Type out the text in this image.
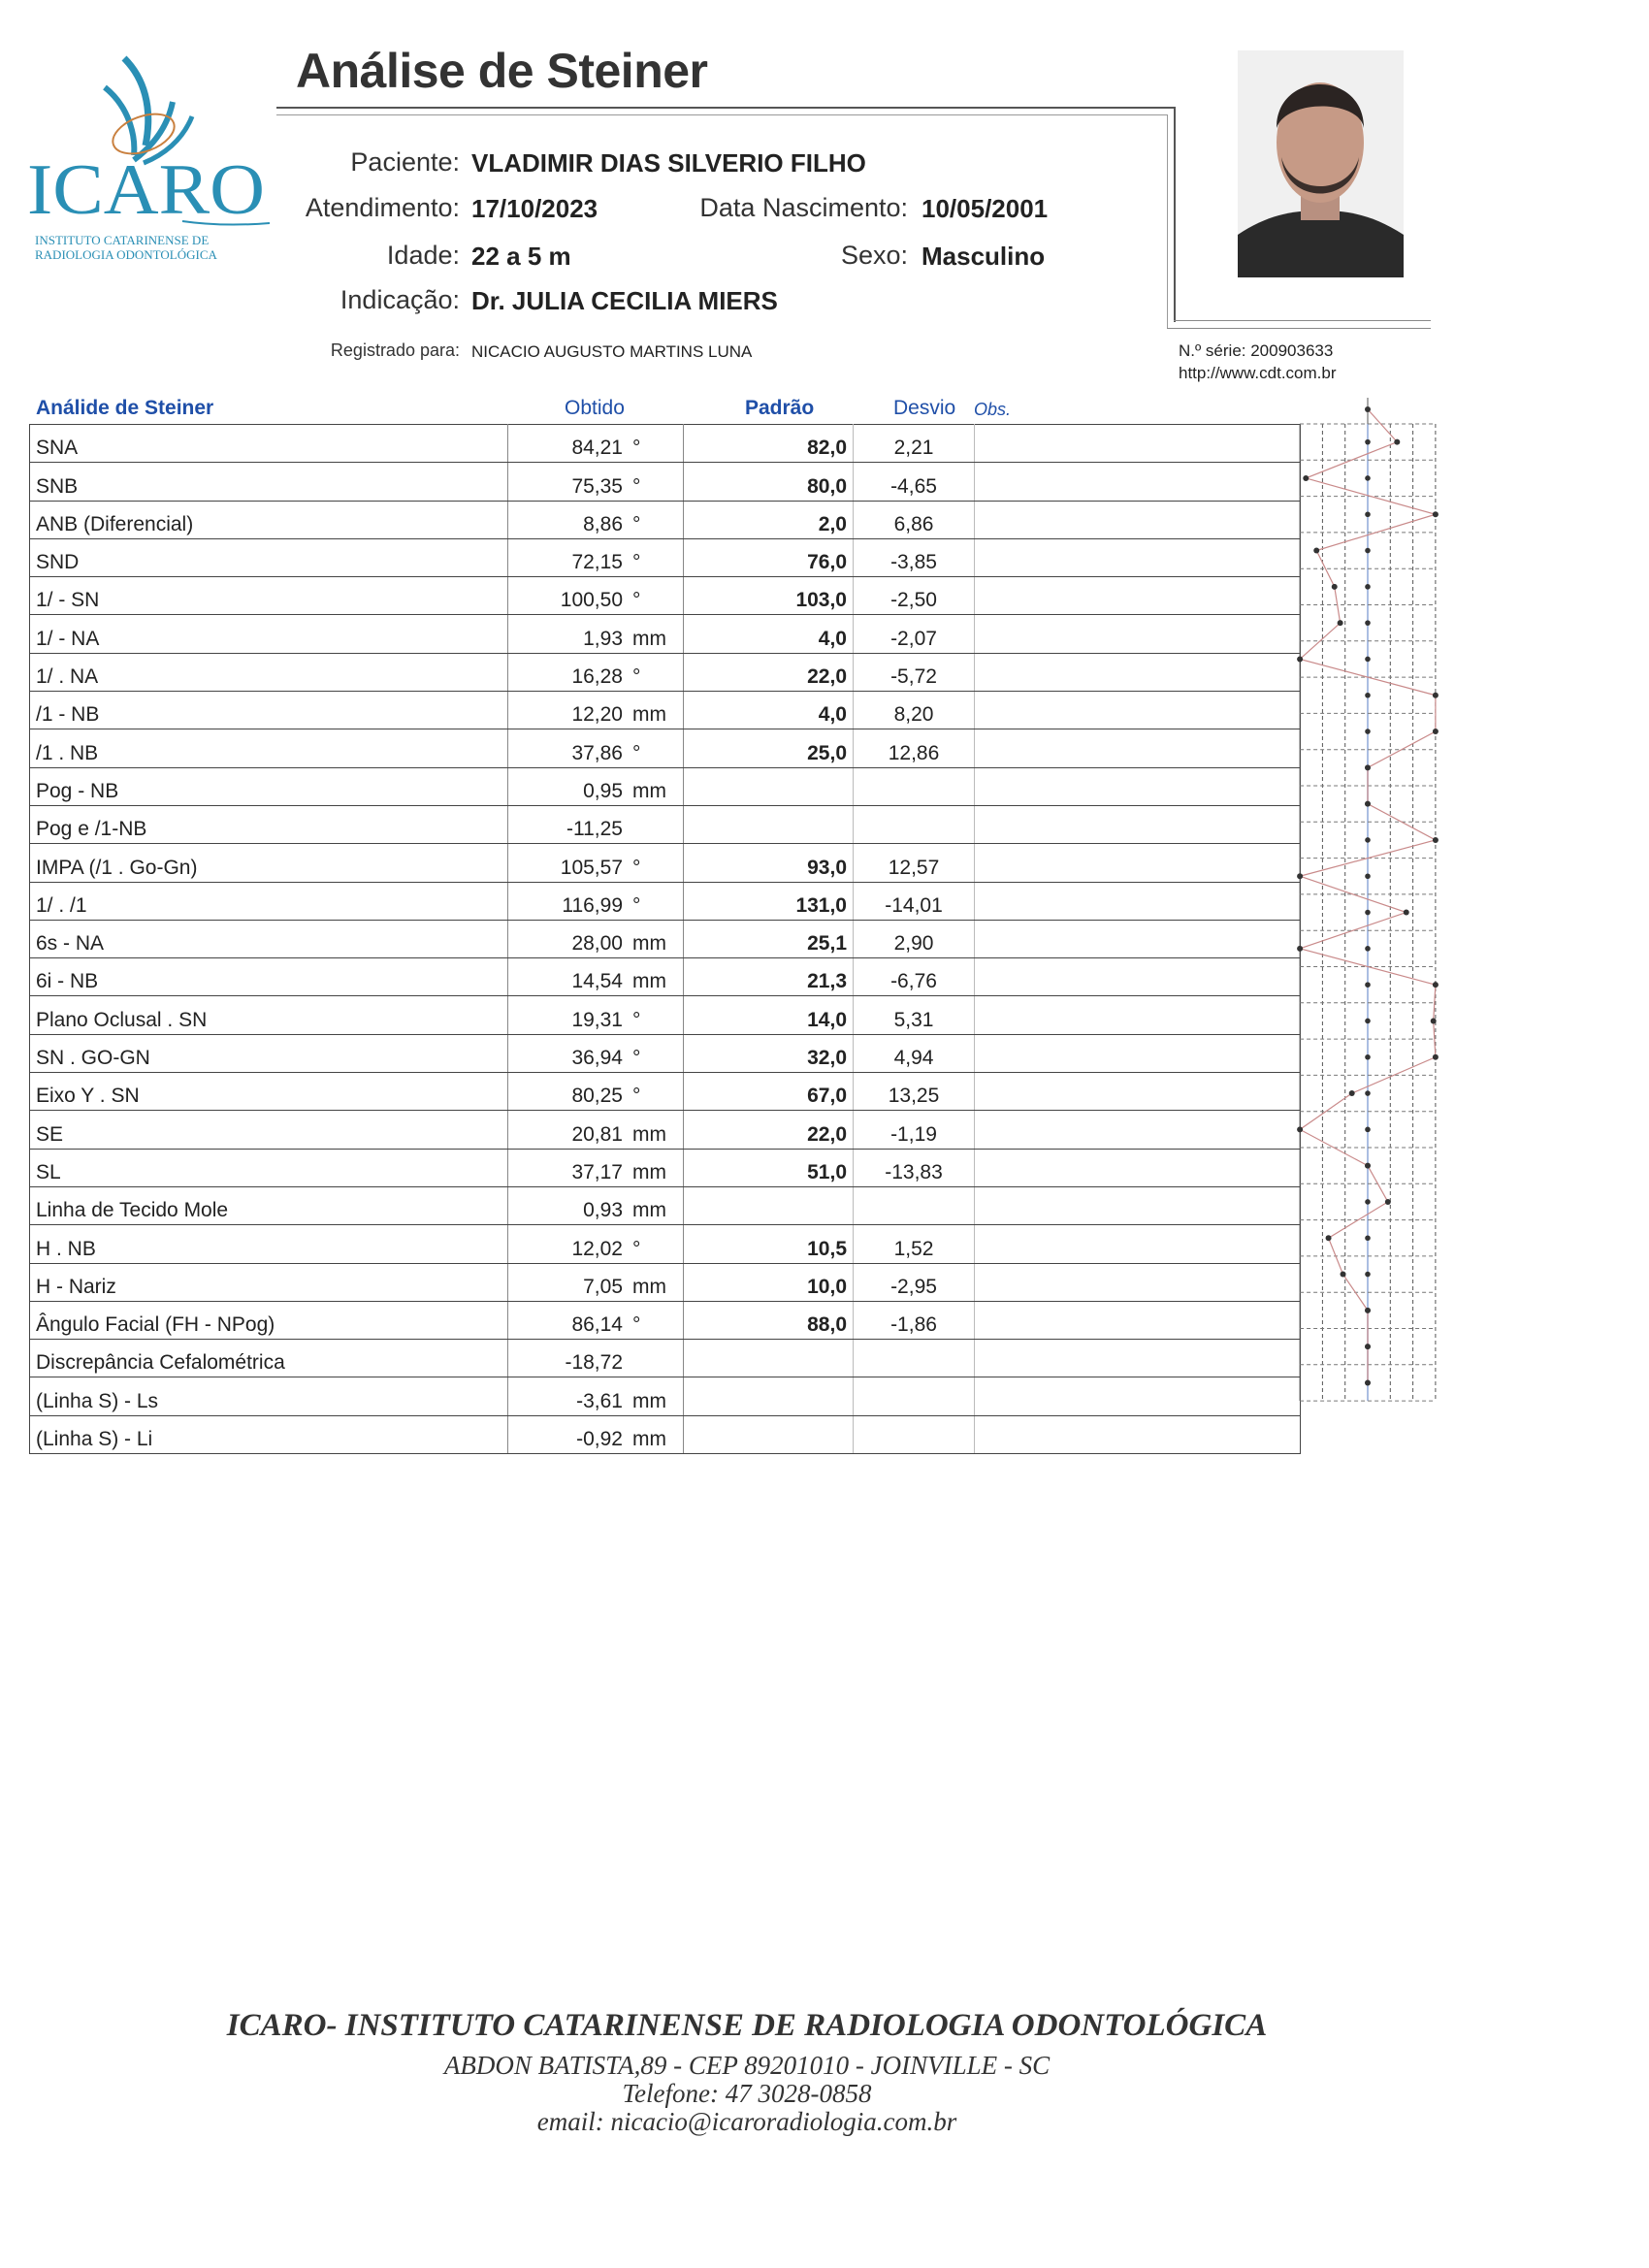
ICARO
INSTITUTO CATARINENSE DE
RADIOLOGIA ODONTOLÓGICA
Análise de Steiner
Paciente: VLADIMIR DIAS SILVERIO FILHO
Atendimento: 17/10/2023	Data Nascimento: 10/05/2001
Idade: 22 a 5 m	Sexo: Masculino
Indicação: Dr. JULIA CECILIA MIERS
Registrado para: NICACIO AUGUSTO MARTINS LUNA	N.º série: 200903633
http://www.cdt.com.br
Análide de Steiner	Obtido	Padrão	Desvio Obs.
SNA	84,21 °	82,0	2,21	
SNB	75,35 °	80,0	-4,65	
ANB (Diferencial)	8,86 °	2,0	6,86	
SND	72,15 °	76,0	-3,85	
1/ - SN	100,50 °	103,0	-2,50	
1/ - NA	1,93 mm	4,0	-2,07	
1/ . NA	16,28 °	22,0	-5,72	
/1 - NB	12,20 mm	4,0	8,20	
/1 . NB	37,86 °	25,0	12,86	
Pog - NB	0,95 mm			
Pog e /1-NB	-11,25			
IMPA (/1 . Go-Gn)	105,57 °	93,0	12,57	
1/ . /1	116,99 °	131,0	-14,01	
6s - NA	28,00 mm	25,1	2,90	
6i - NB	14,54 mm	21,3	-6,76	
Plano Oclusal . SN	19,31 °	14,0	5,31	
SN . GO-GN	36,94 °	32,0	4,94	
Eixo Y . SN	80,25 °	67,0	13,25	
SE	20,81 mm	22,0	-1,19	
SL	37,17 mm	51,0	-13,83	
Linha de Tecido Mole	0,93 mm			
H . NB	12,02 °	10,5	1,52	
H - Nariz	7,05 mm	10,0	-2,95	
Ângulo Facial (FH - NPog)	86,14 °	88,0	-1,86	
Discrepância Cefalométrica	-18,72			
(Linha S) - Ls	-3,61 mm			
(Linha S) - Li	-0,92 mm			
ICARO- INSTITUTO CATARINENSE DE RADIOLOGIA ODONTOLÓGICA
ABDON BATISTA,89 - CEP 89201010 - JOINVILLE - SC
Telefone: 47 3028-0858
email: nicacio@icaroradiologia.com.br
